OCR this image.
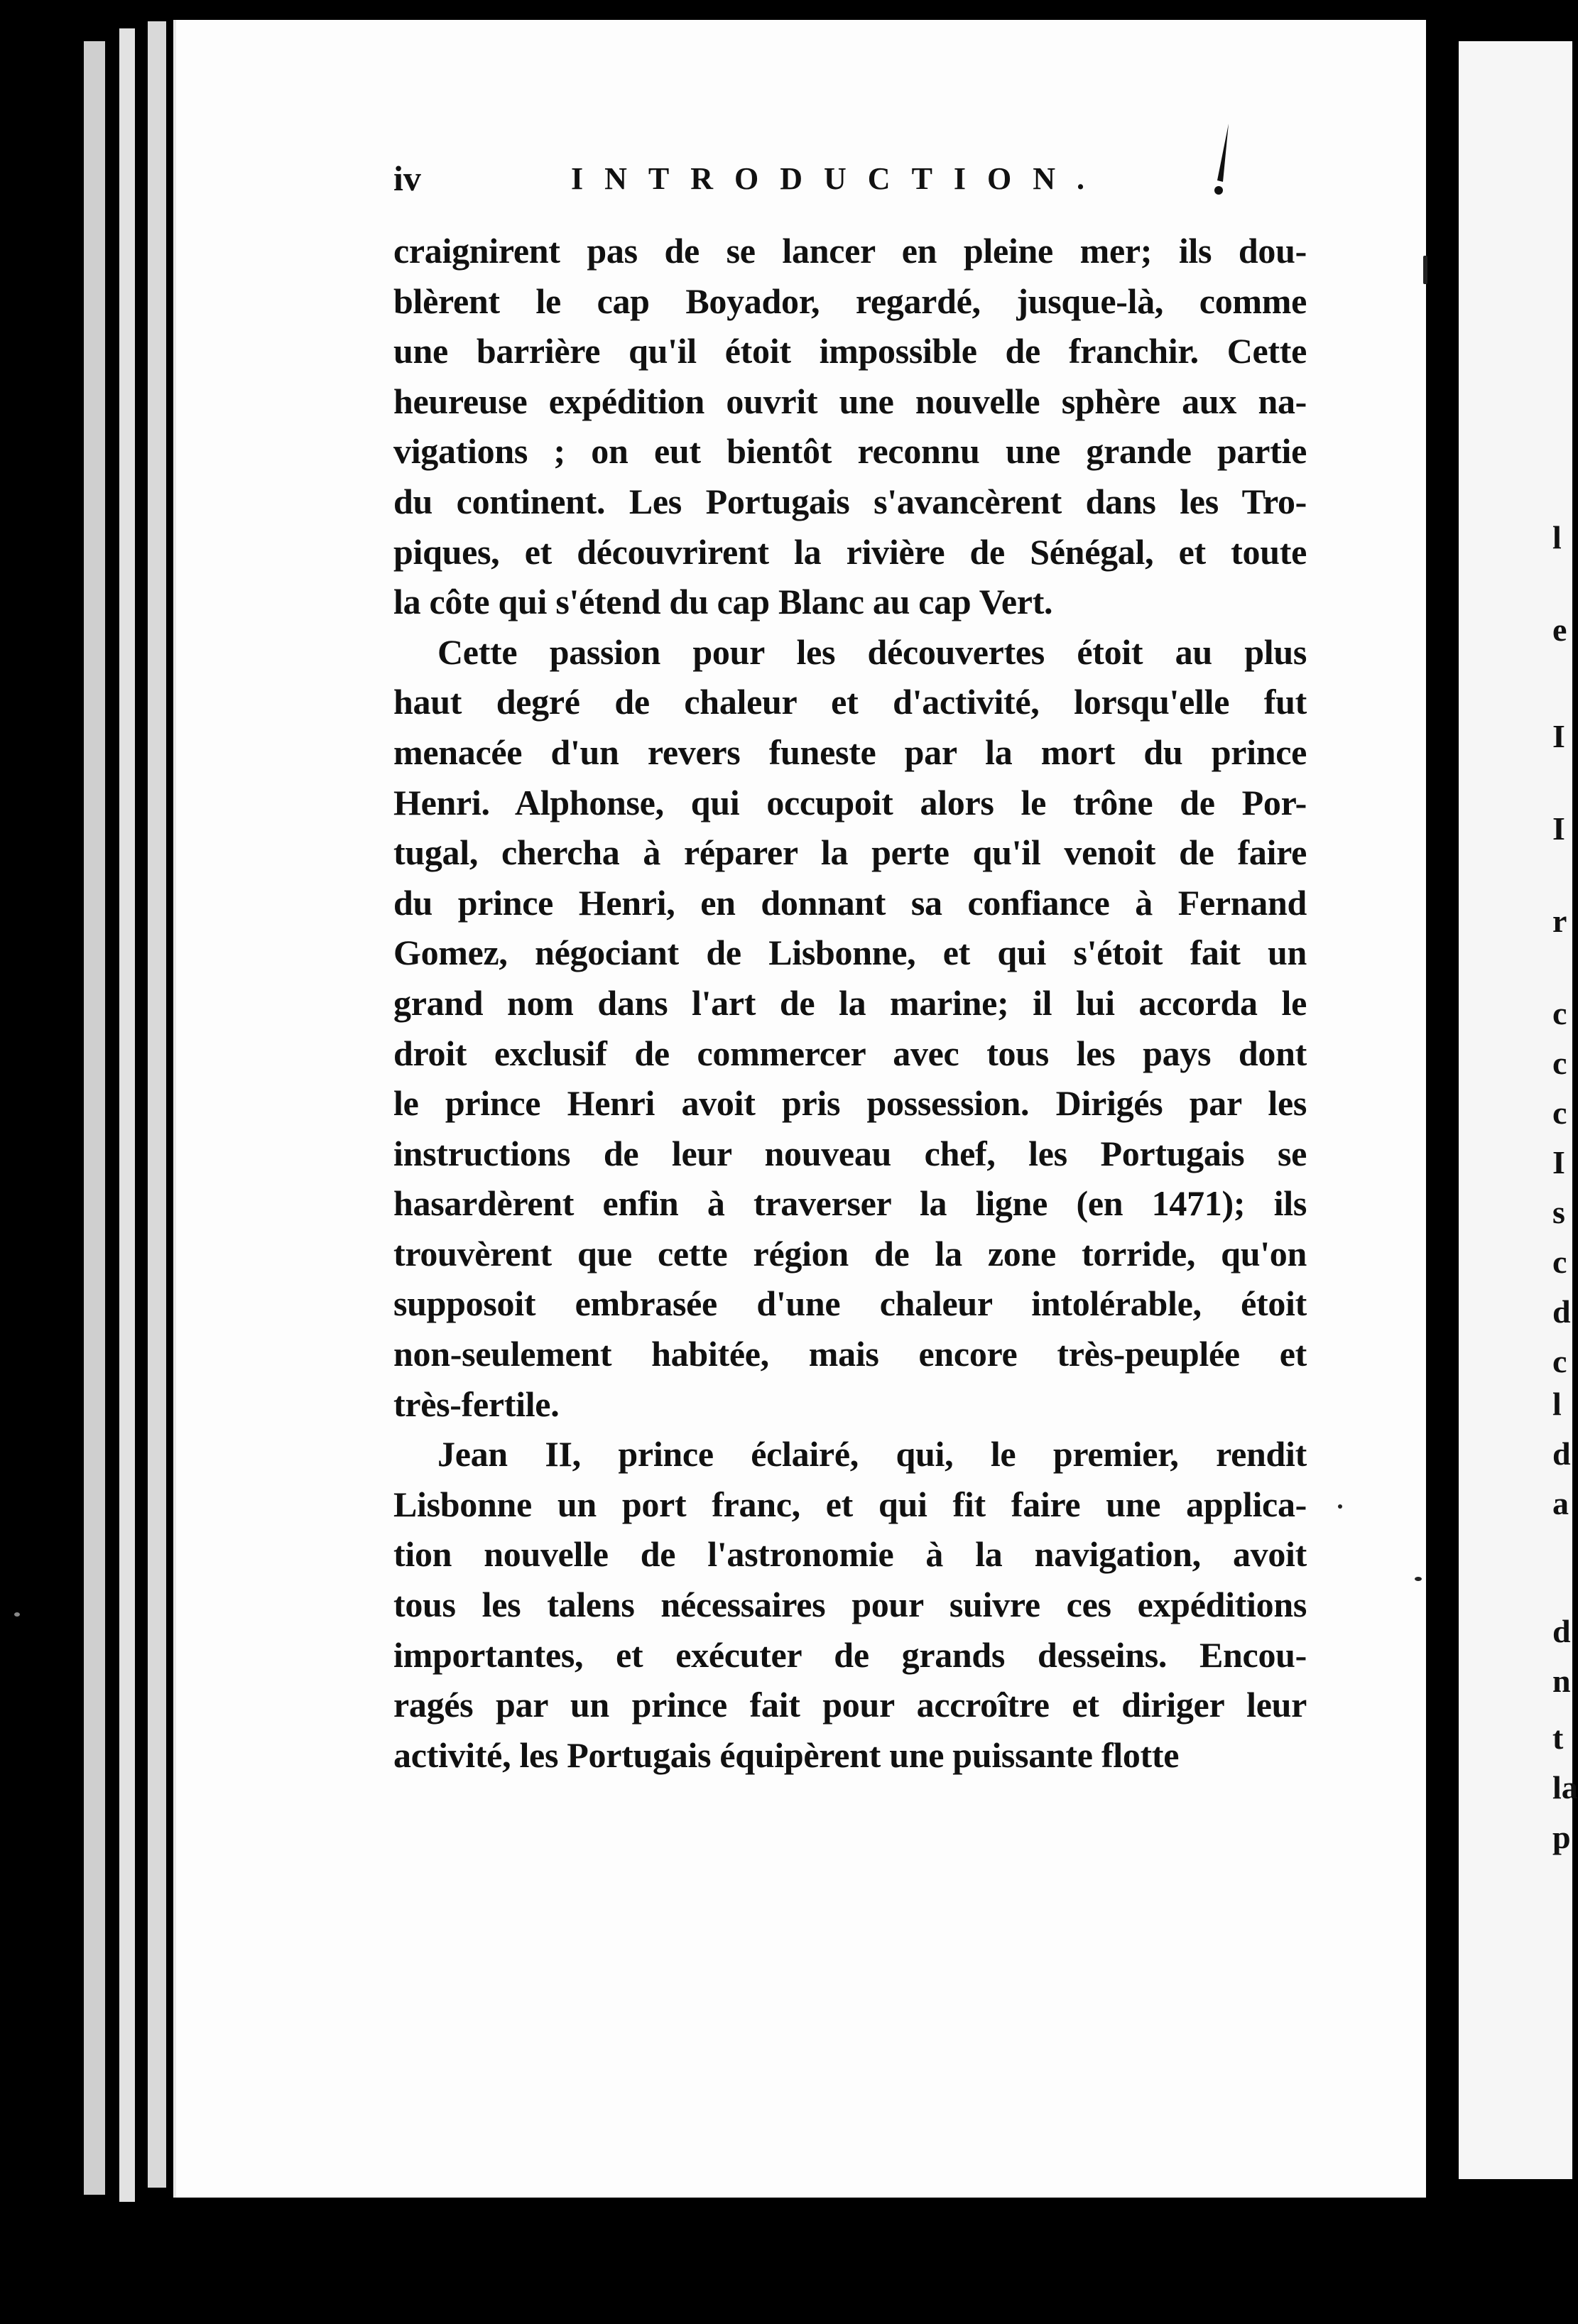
l
e
I
I
r
c
c
c
I
s
c
d
c
l
d
a
d
n
t
la
p
iv	INTRODUCTION.
craignirent pas de se lancer en pleine mer; ils dou-
blèrent le cap Boyador, regardé, jusque-là, comme
une barrière qu'il étoit impossible de franchir. Cette
heureuse expédition ouvrit une nouvelle sphère aux na-
vigations ; on eut bientôt reconnu une grande partie
du continent. Les Portugais s'avancèrent dans les Tro-
piques, et découvrirent la rivière de Sénégal, et toute
la côte qui s'étend du cap Blanc au cap Vert.
Cette passion pour les découvertes étoit au plus
haut degré de chaleur et d'activité, lorsqu'elle fut
menacée d'un revers funeste par la mort du prince
Henri. Alphonse, qui occupoit alors le trône de Por-
tugal, chercha à réparer la perte qu'il venoit de faire
du prince Henri, en donnant sa confiance à Fernand
Gomez, négociant de Lisbonne, et qui s'étoit fait un
grand nom dans l'art de la marine; il lui accorda le
droit exclusif de commercer avec tous les pays dont
le prince Henri avoit pris possession. Dirigés par les
instructions de leur nouveau chef, les Portugais se
hasardèrent enfin à traverser la ligne (en 1471); ils
trouvèrent que cette région de la zone torride, qu'on
supposoit embrasée d'une chaleur intolérable, étoit
non-seulement habitée, mais encore très-peuplée et
très-fertile.
Jean II, prince éclairé, qui, le premier, rendit
Lisbonne un port franc, et qui fit faire une applica-
tion nouvelle de l'astronomie à la navigation, avoit
tous les talens nécessaires pour suivre ces expéditions
importantes, et exécuter de grands desseins. Encou-
ragés par un prince fait pour accroître et diriger leur
activité, les Portugais équipèrent une puissante flotte
